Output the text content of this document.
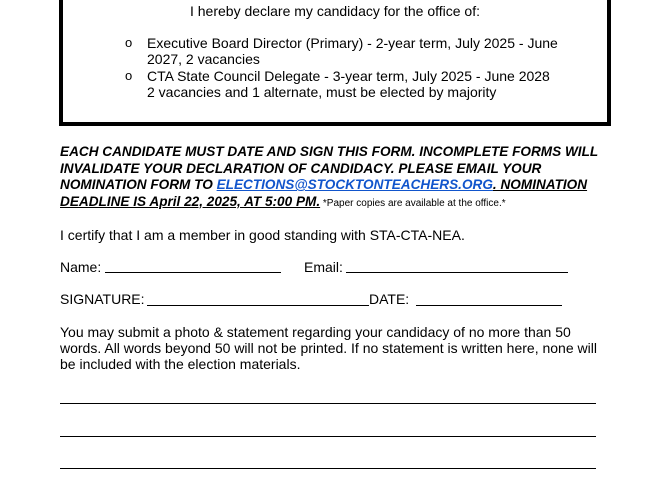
I hereby declare my candidacy for the office of:
o Executive Board Director (Primary) - 2-year term, July 2025 - June
2027, 2 vacancies
o CTA State Council Delegate - 3-year term, July 2025 - June 2028
2 vacancies and 1 alternate, must be elected by majority
EACH CANDIDATE MUST DATE AND SIGN THIS FORM. INCOMPLETE FORMS WILL INVALIDATE YOUR DECLARATION OF CANDIDACY. PLEASE EMAIL YOUR NOMINATION FORM TO ELECTIONS@STOCKTONTEACHERS.ORG. NOMINATION DEADLINE IS April 22, 2025, AT 5:00 PM. *Paper copies are available at the office.*
I certify that I am a member in good standing with STA-CTA-NEA.
Name:	Email:
SIGNATURE:	DATE:
You may submit a photo & statement regarding your candidacy of no more than 50 words. All words beyond 50 will not be printed. If no statement is written here, none will be included with the election materials.
